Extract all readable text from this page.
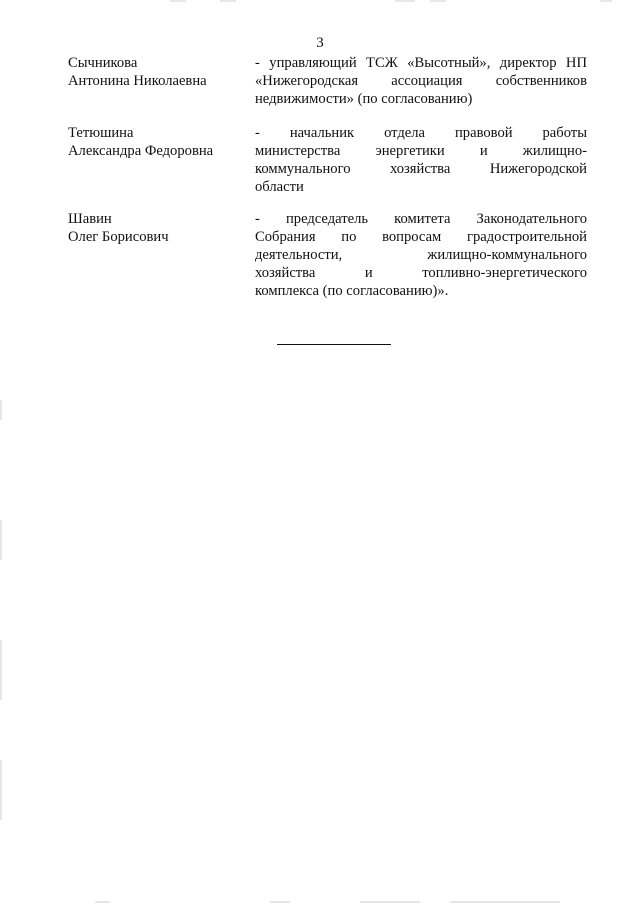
3
Сычникова
Антонина Николаевна
- управляющий ТСЖ «Высотный», директор НП
«Нижегородская ассоциация собственников
недвижимости» (по согласованию)
Тетюшина
Александра Федоровна
- начальник отдела правовой работы
министерства энергетики и жилищно-
коммунального хозяйства Нижегородской
области
Шавин
Олег Борисович
- председатель комитета Законодательного
Собрания по вопросам градостроительной
деятельности, жилищно-коммунального
хозяйства и топливно-энергетического
комплекса (по согласованию)».
